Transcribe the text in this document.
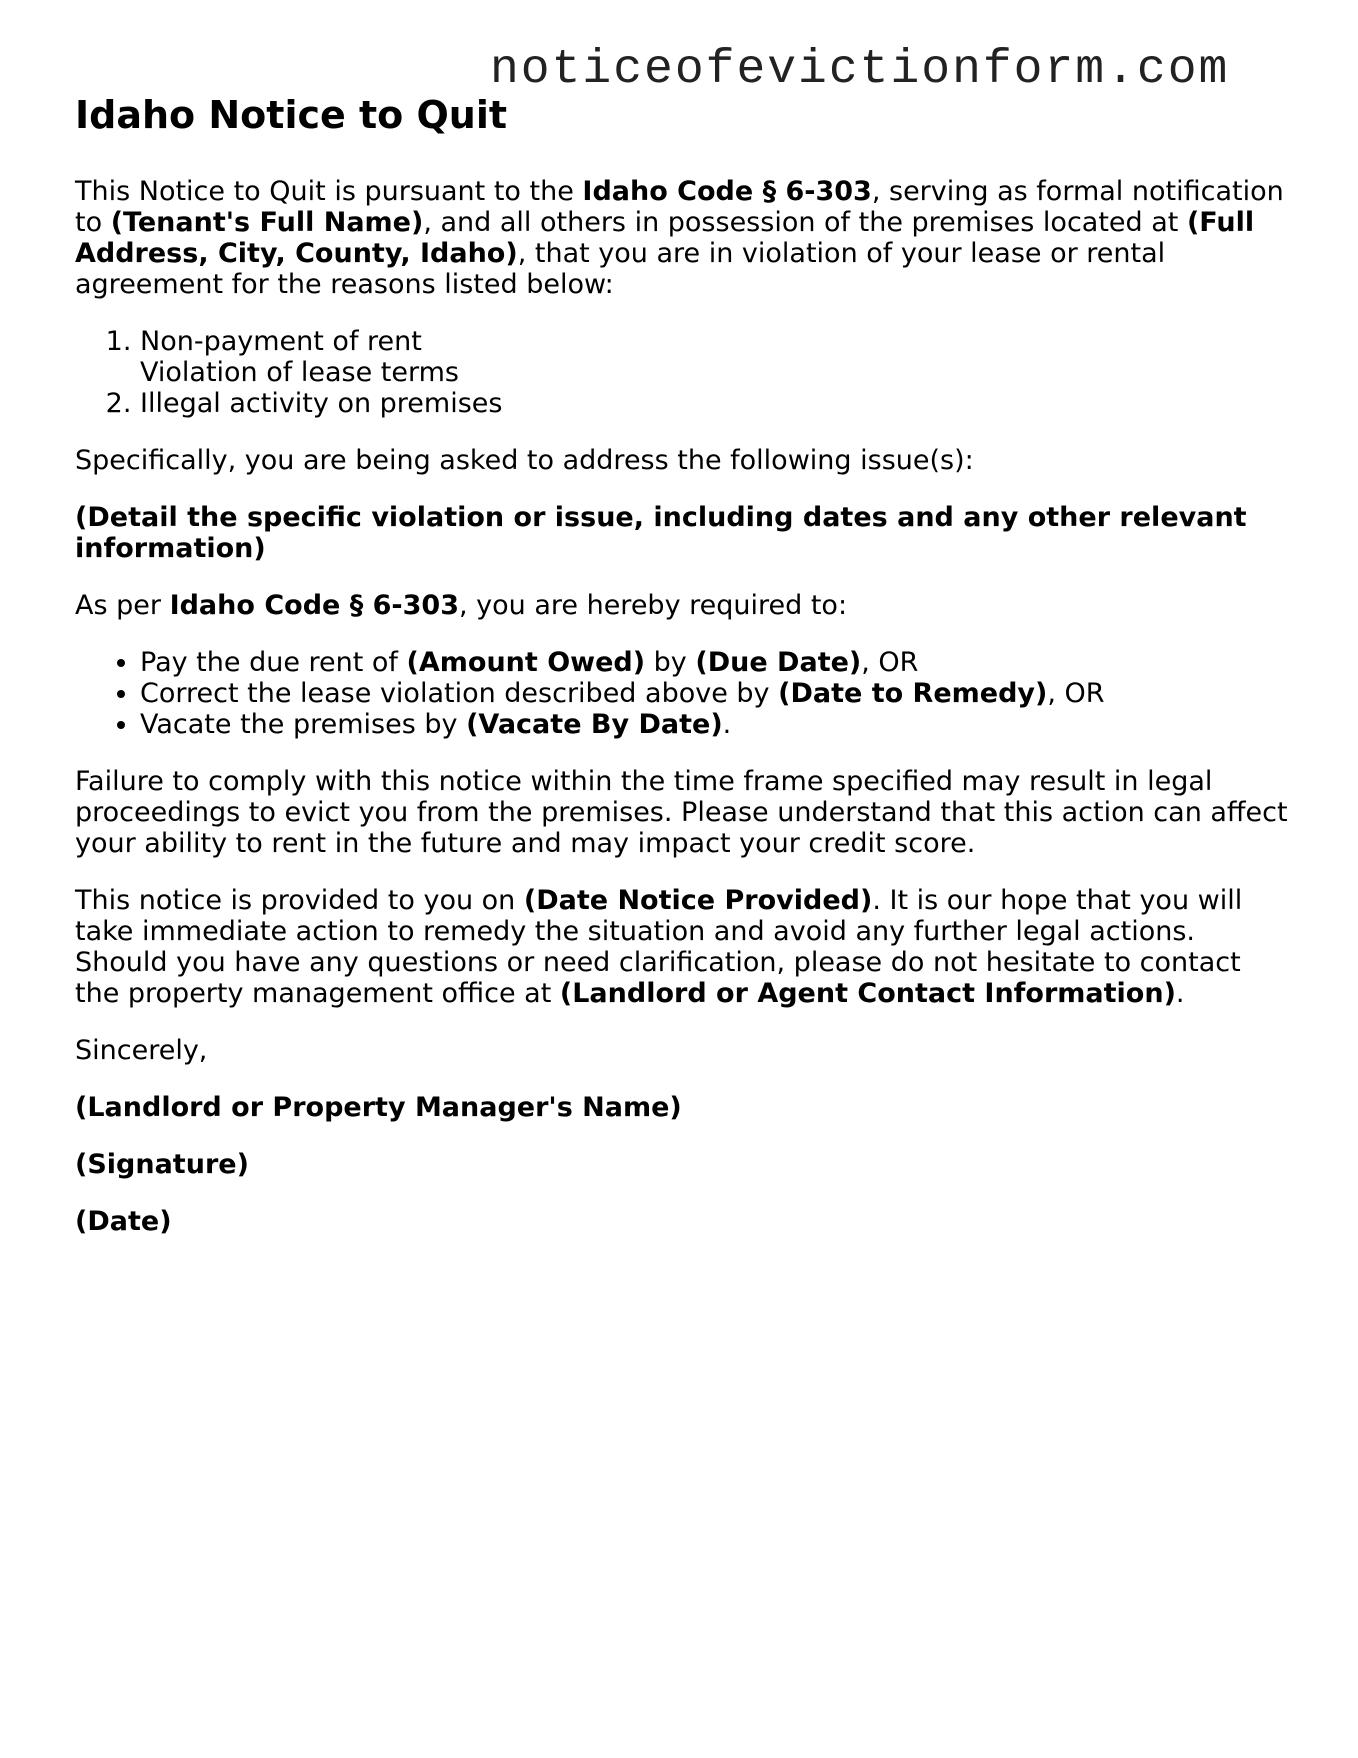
noticeofevictionform.com
Idaho Notice to Quit

This Notice to Quit is pursuant to the Idaho Code § 6-303, serving as formal notification to (Tenant's Full Name), and all others in possession of the premises located at (Full Address, City, County, Idaho), that you are in violation of your lease or rental agreement for the reasons listed below:

1. Non-payment of rent
Violation of lease terms
2. Illegal activity on premises

Specifically, you are being asked to address the following issue(s):

(Detail the specific violation or issue, including dates and any other relevant information)

As per Idaho Code § 6-303, you are hereby required to:

• Pay the due rent of (Amount Owed) by (Due Date), OR
• Correct the lease violation described above by (Date to Remedy), OR
• Vacate the premises by (Vacate By Date).

Failure to comply with this notice within the time frame specified may result in legal proceedings to evict you from the premises. Please understand that this action can affect your ability to rent in the future and may impact your credit score.

This notice is provided to you on (Date Notice Provided). It is our hope that you will take immediate action to remedy the situation and avoid any further legal actions. Should you have any questions or need clarification, please do not hesitate to contact the property management office at (Landlord or Agent Contact Information).

Sincerely,

(Landlord or Property Manager's Name)

(Signature)

(Date)
